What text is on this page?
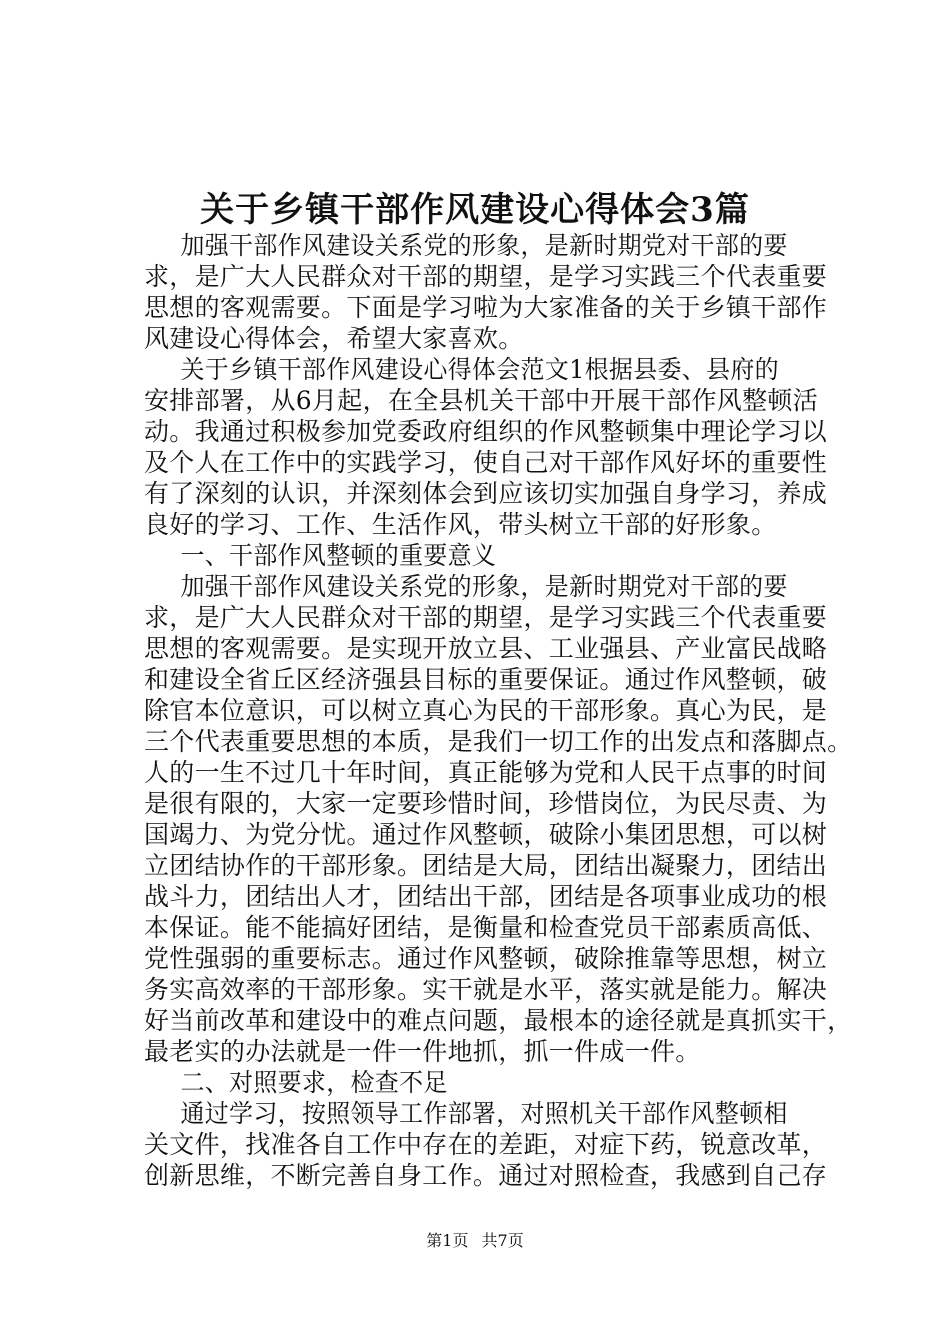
关于乡镇干部作风建设心得体会3篇
加强干部作风建设关系党的形象，是新时期党对干部的要
求，是广大人民群众对干部的期望，是学习实践三个代表重要
思想的客观需要。下面是学习啦为大家准备的关于乡镇干部作
风建设心得体会，希望大家喜欢。
关于乡镇干部作风建设心得体会范文1根据县委、县府的
安排部署，从6月起，在全县机关干部中开展干部作风整顿活
动。我通过积极参加党委政府组织的作风整顿集中理论学习以
及个人在工作中的实践学习，使自己对干部作风好坏的重要性
有了深刻的认识，并深刻体会到应该切实加强自身学习，养成
良好的学习、工作、生活作风，带头树立干部的好形象。
一、干部作风整顿的重要意义
加强干部作风建设关系党的形象，是新时期党对干部的要
求，是广大人民群众对干部的期望，是学习实践三个代表重要
思想的客观需要。是实现开放立县、工业强县、产业富民战略
和建设全省丘区经济强县目标的重要保证。通过作风整顿，破
除官本位意识，可以树立真心为民的干部形象。真心为民，是
三个代表重要思想的本质，是我们一切工作的出发点和落脚点。
人的一生不过几十年时间，真正能够为党和人民干点事的时间
是很有限的，大家一定要珍惜时间，珍惜岗位，为民尽责、为
国竭力、为党分忧。通过作风整顿，破除小集团思想，可以树
立团结协作的干部形象。团结是大局，团结出凝聚力，团结出
战斗力，团结出人才，团结出干部，团结是各项事业成功的根
本保证。能不能搞好团结，是衡量和检查党员干部素质高低、
党性强弱的重要标志。通过作风整顿，破除推靠等思想，树立
务实高效率的干部形象。实干就是水平，落实就是能力。解决
好当前改革和建设中的难点问题，最根本的途径就是真抓实干，
最老实的办法就是一件一件地抓，抓一件成一件。
二、对照要求，检查不足
通过学习，按照领导工作部署，对照机关干部作风整顿相
关文件，找准各自工作中存在的差距，对症下药，锐意改革，
创新思维，不断完善自身工作。通过对照检查，我感到自己存
第1页 共7页
